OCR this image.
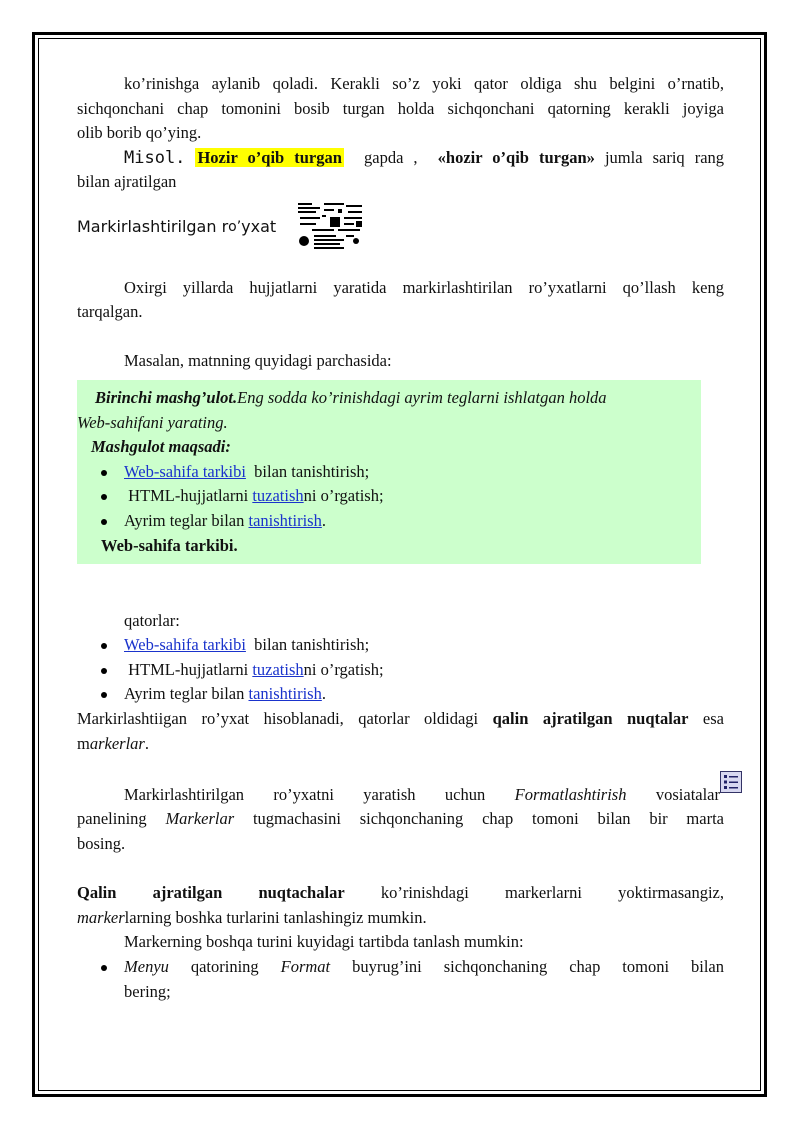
ko’rinishga aylanib qoladi. Kerakli so’z yoki qator oldiga shu belgini o’rnatib,

sichqonchani chap tomonini bosib turgan holda sichqonchani qatorning kerakli joyiga

olib borib qo’ying.

Misol. Hozir o’qib turgan  gapda ,  «hozir o’qib turgan» jumla sariq rang

bilan ajratilgan

Markirlashtirilgan r o’ yxat

Oxirgi yillarda hujjatlarni yaratida markirlashtirilan ro’yxatlarni qo’llash keng

tarqalgan.

Masalan, matnning quyidagi parchasida:

Birinchi mashg’ulot.Eng sodda ko’rinishdagi ayrim teglarni ishlatgan holda

Web-sahifani yarating.

Mashgulot maqsadi:

Web-sahifa tarkibi  bilan tanishtirish;
HTML-hujjatlarni tuzatishni o’rgatish;
Ayrim teglar bilan tanishtirish.

Web-sahifa tarkibi.

qatorlar:

Web-sahifa tarkibi  bilan tanishtirish;
HTML-hujjatlarni tuzatishni o’rgatish;
Ayrim teglar bilan tanishtirish.

Markirlashtiigan ro’yxat hisoblanadi, qatorlar oldidagi qalin ajratilgan nuqtalar esa

markerlar.

Markirlashtirilgan  ro’yxatni  yaratish  uchun  Formatlashtirish  vosiatalar

panelining  Markerlar  tugmachasini  sichqonchaning  chap  tomoni  bilan  bir  marta

bosing.

Qalin    ajratilgan    nuqtachalar    ko’rinishdagi    markerlarni    yoktirmasangiz,

markerlarning boshka turlarini tanlashingiz mumkin.

Markerning boshqa turini kuyidagi tartibda tanlash mumkin:

Menyu  qatorining  Format  buyrug’ini  sichqonchaning  chap  tomoni  bilan
bering;
